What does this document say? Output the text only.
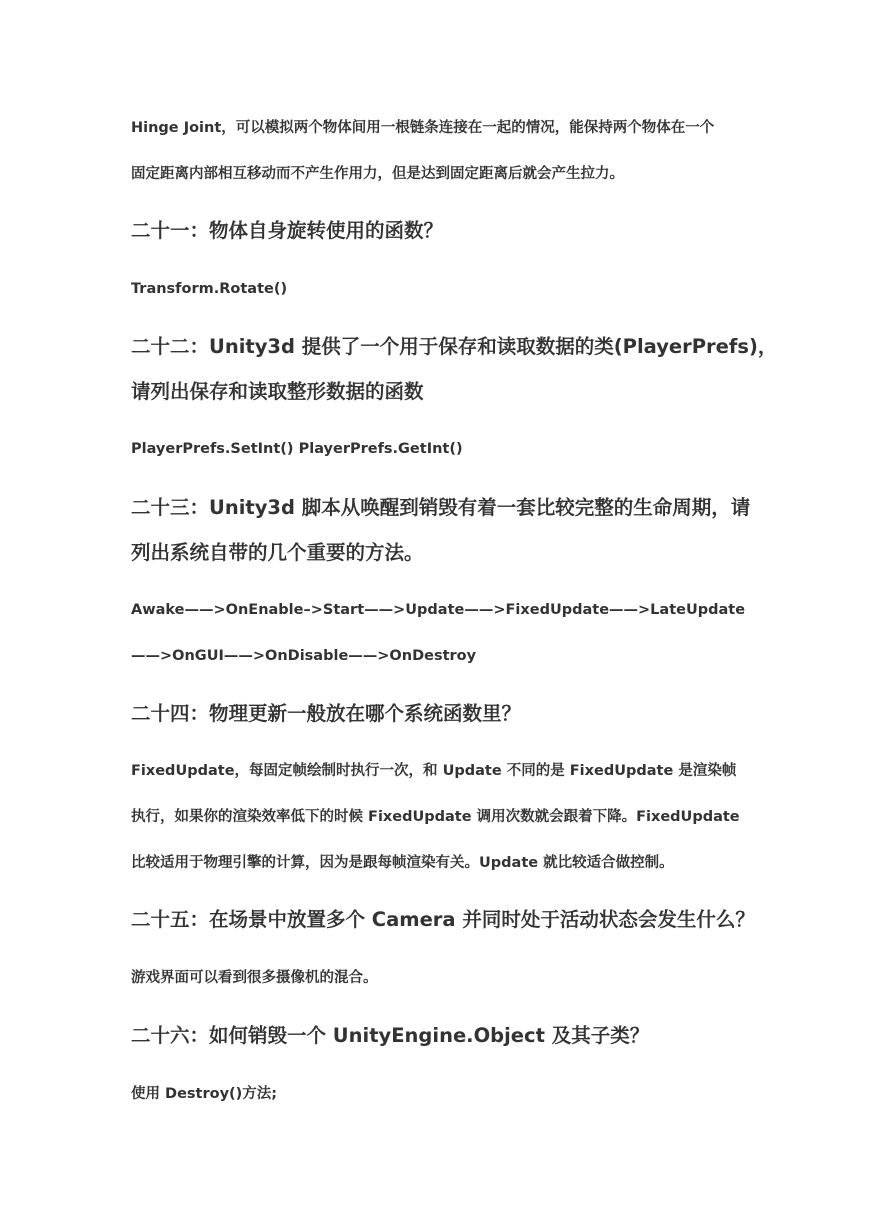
Hinge Joint，可以模拟两个物体间用一根链条连接在一起的情况，能保持两个物体在一个
固定距离内部相互移动而不产生作用力，但是达到固定距离后就会产生拉力。
二十一：物体自身旋转使用的函数？
Transform.Rotate()
二十二：Unity3d 提供了一个用于保存和读取数据的类(PlayerPrefs)，
请列出保存和读取整形数据的函数
PlayerPrefs.SetInt() PlayerPrefs.GetInt()
二十三：Unity3d 脚本从唤醒到销毁有着一套比较完整的生命周期，请
列出系统自带的几个重要的方法。
Awake——>OnEnable–>Start——>Update——>FixedUpdate——>LateUpdate
——>OnGUI——>OnDisable——>OnDestroy
二十四：物理更新一般放在哪个系统函数里？
FixedUpdate，每固定帧绘制时执行一次，和 Update 不同的是 FixedUpdate 是渲染帧
执行，如果你的渲染效率低下的时候 FixedUpdate 调用次数就会跟着下降。FixedUpdate
比较适用于物理引擎的计算，因为是跟每帧渲染有关。Update 就比较适合做控制。
二十五：在场景中放置多个 Camera 并同时处于活动状态会发生什么？
游戏界面可以看到很多摄像机的混合。
二十六：如何销毁一个 UnityEngine.Object 及其子类？
使用 Destroy()方法;
